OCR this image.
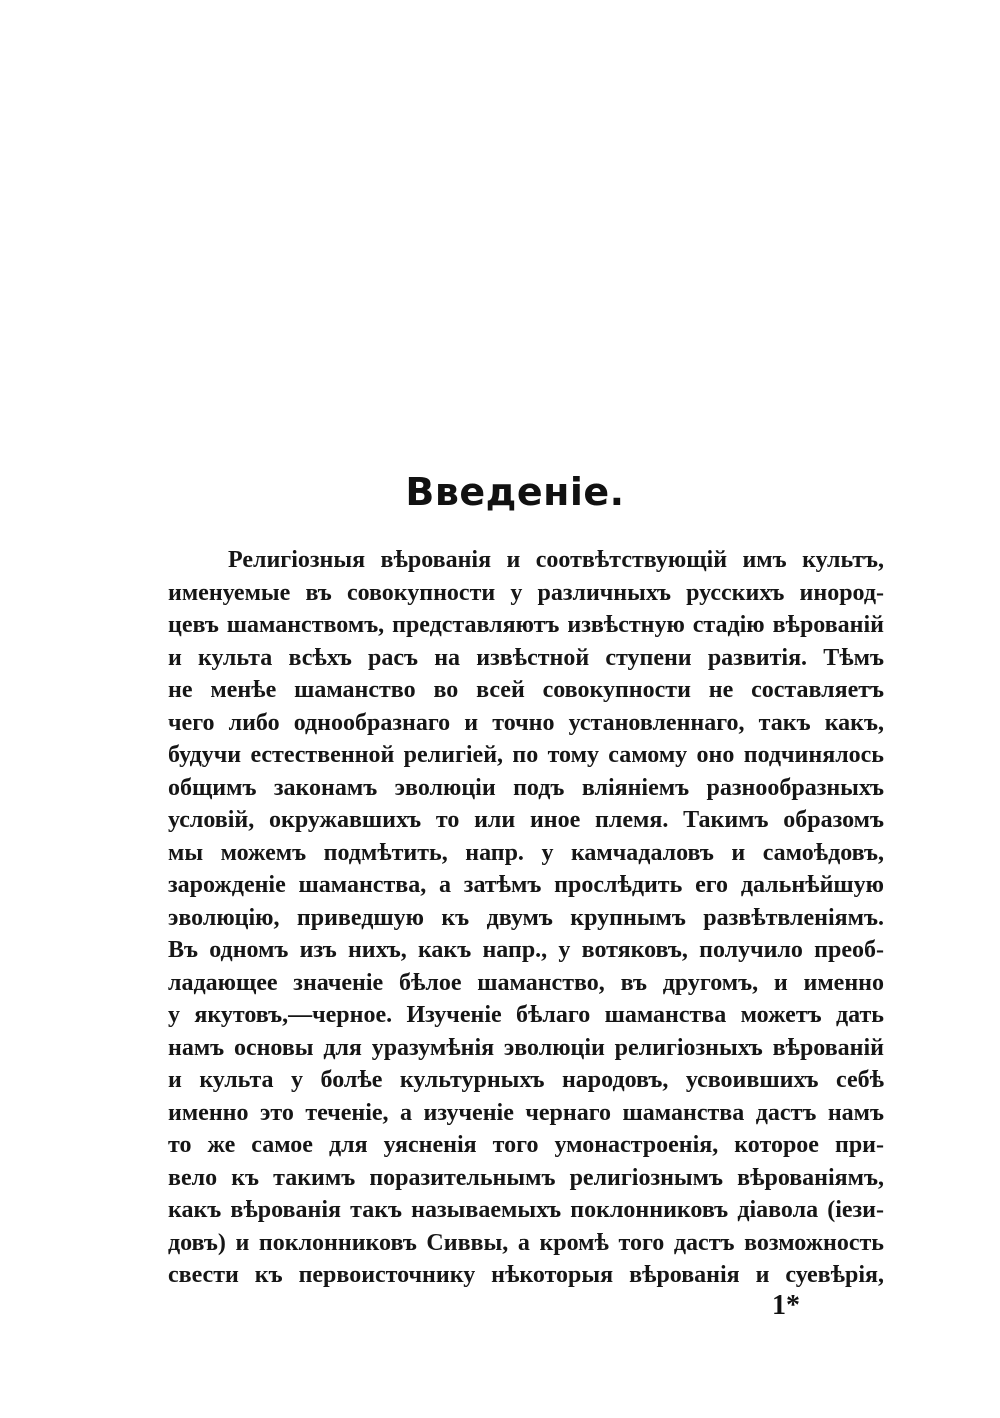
Введенiе.
Религiозныя вѣрованiя и соотвѣтствующiй имъ культъ,
именуемые въ совокупности у различныхъ русскихъ инород-
цевъ шаманствомъ, представляютъ извѣстную стадiю вѣрованiй
и культа всѣхъ расъ на извѣстной ступени развитiя. Тѣмъ
не менѣе шаманство во всей совокупности не составляетъ
чего либо однообразнаго и точно установленнаго, такъ какъ,
будучи естественной религiей, по тому самому оно подчинялось
общимъ законамъ эволюцiи подъ влiянiемъ разнообразныхъ
условiй, окружавшихъ то или иное племя. Такимъ образомъ
мы можемъ подмѣтить, напр. у камчадаловъ и самоѣдовъ,
зарожденiе шаманства, а затѣмъ прослѣдить его дальнѣйшую
эволюцiю, приведшую къ двумъ крупнымъ развѣтвленiямъ.
Въ одномъ изъ нихъ, какъ напр., у вотяковъ, получило преоб-
ладающее значенiе бѣлое шаманство, въ другомъ, и именно
у якутовъ,—черное. Изученiе бѣлаго шаманства можетъ дать
намъ основы для уразумѣнiя эволюцiи религiозныхъ вѣрованiй
и культа у болѣе культурныхъ народовъ, усвоившихъ себѣ
именно это теченiе, а изученiе чернаго шаманства дастъ намъ
то же самое для уясненiя того умонастроенiя, которое при-
вело къ такимъ поразительнымъ религiознымъ вѣрованiямъ,
какъ вѣрованiя такъ называемыхъ поклонниковъ дiавола (iези-
довъ) и поклонниковъ Сиввы, а кромѣ того дастъ возможность
свести къ первоисточнику нѣкоторыя вѣрованiя и суевѣрiя,
1*
